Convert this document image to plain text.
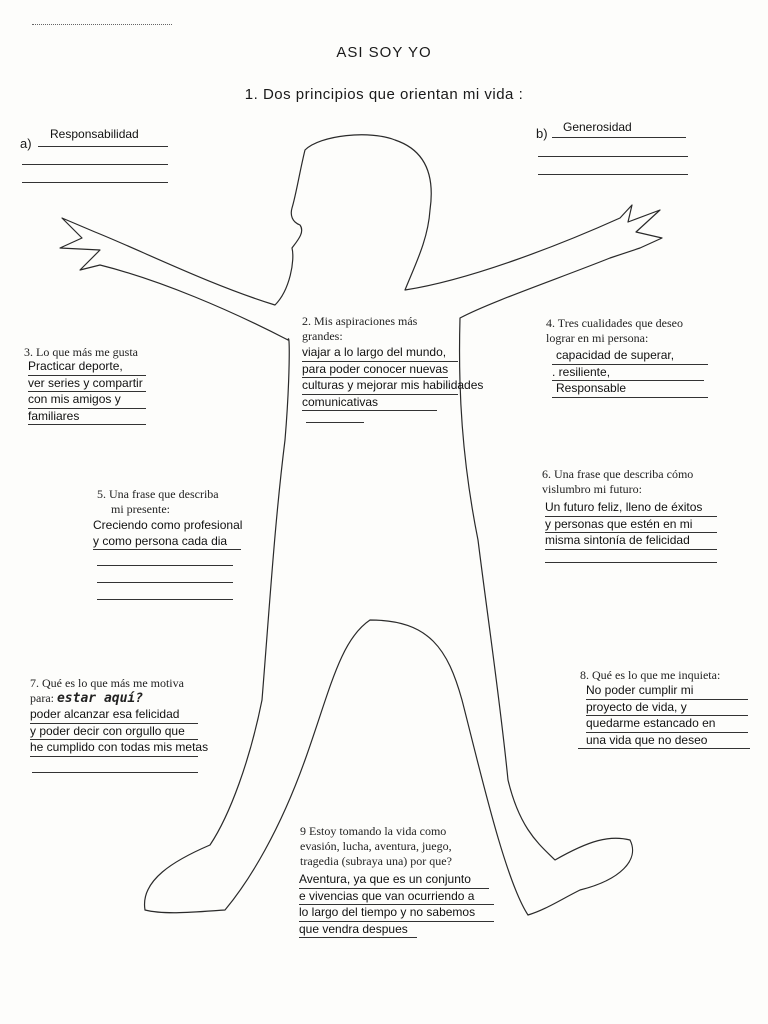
ASI SOY YO
1. Dos principios que orientan mi vida :
a)
Responsabilidad	b) Generosidad
2. Mis aspiraciones más
grandes:
viajar a lo largo del mundo,
para poder conocer nuevas
culturas y mejorar mis habilidades
comunicativas
3. Lo que más me gusta
Practicar deporte,
ver series y compartir
con mis amigos y
familiares
4. Tres cualidades que deseo
lograr en mi persona:
capacidad de superar,
. resiliente,
Responsable
5. Una frase que describa
mi presente:
Creciendo como profesional
y como persona cada dia
6. Una frase que describa cómo
vislumbro mi futuro:
Un futuro feliz, lleno de éxitos
y personas que estén en mi
misma sintonía de felicidad
7. Qué es lo que más me motiva
para: estar aquí?
poder alcanzar esa felicidad
y poder decir con orgullo que
he cumplido con todas mis metas
8. Qué es lo que me inquieta:
No poder cumplir mi
proyecto de vida, y
quedarme estancado en
una vida que no deseo
9 Estoy tomando la vida como
evasión, lucha, aventura, juego,
tragedia (subraya una) por que?
Aventura, ya que es un conjunto
e vivencias que van ocurriendo a
lo largo del tiempo y no sabemos
que vendra despues
